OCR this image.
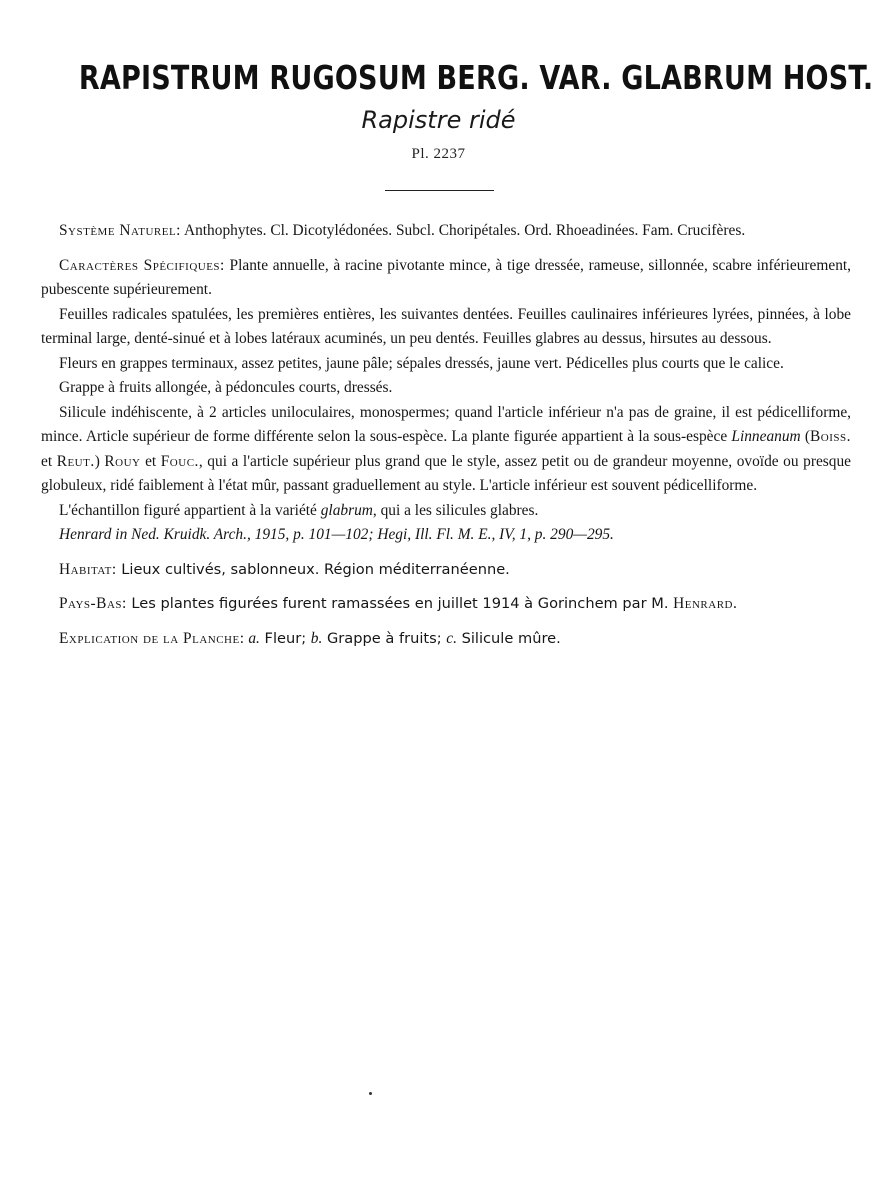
RAPISTRUM RUGOSUM BERG. VAR. GLABRUM HOST.
Rapistre ridé
Pl. 2237

Système Naturel: Anthophytes. Cl. Dicotylédonées. Subcl. Choripétales. Ord. Rhoeadinées. Fam. Crucifères.

Caractères Spécifiques: Plante annuelle, à racine pivotante mince, à tige dressée, rameuse, sillonnée, scabre inférieurement, pubescente supérieurement.

Feuilles radicales spatulées, les premières entières, les suivantes dentées. Feuilles caulinaires inférieures lyrées, pinnées, à lobe terminal large, denté-sinué et à lobes latéraux acuminés, un peu dentés. Feuilles glabres au dessus, hirsutes au dessous.

Fleurs en grappes terminaux, assez petites, jaune pâle; sépales dressés, jaune vert. Pédicelles plus courts que le calice.

Grappe à fruits allongée, à pédoncules courts, dressés.

Silicule indéhiscente, à 2 articles uniloculaires, monospermes; quand l'article inférieur n'a pas de graine, il est pédicelliforme, mince. Article supérieur de forme différente selon la sous-espèce. La plante figurée appartient à la sous-espèce Linneanum (Boiss. et Reut.) Rouy et Fouc., qui a l'article supérieur plus grand que le style, assez petit ou de grandeur moyenne, ovoïde ou presque globuleux, ridé faiblement à l'état mûr, passant graduellement au style. L'article inférieur est souvent pédicelliforme.

L'échantillon figuré appartient à la variété glabrum, qui a les silicules glabres.

Henrard in Ned. Kruidk. Arch., 1915, p. 101—102; Hegi, Ill. Fl. M. E., IV, 1, p. 290—295.

Habitat: Lieux cultivés, sablonneux. Région méditerranéenne.

Pays-Bas: Les plantes figurées furent ramassées en juillet 1914 à Gorinchem par M. Henrard.

Explication de la Planche: a. Fleur; b. Grappe à fruits; c. Silicule mûre.
